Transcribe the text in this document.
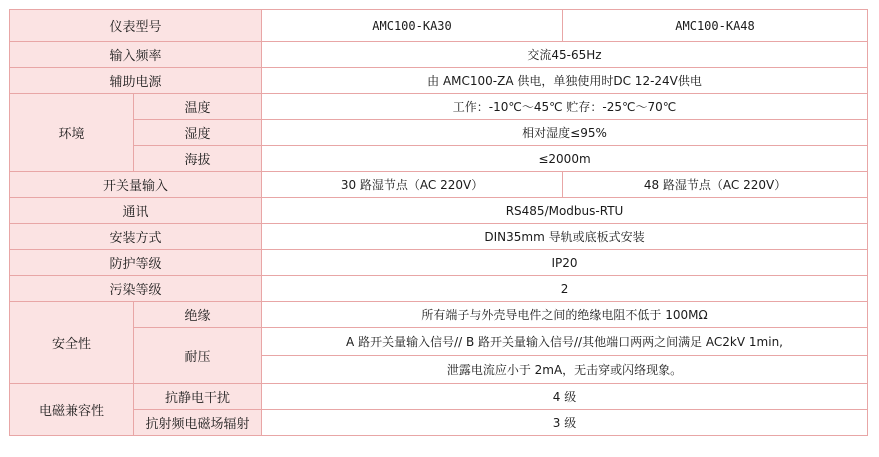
仪表型号		AMC100-KA30	AMC100-KA48
输入频率		交流45-65Hz	
辅助电源		由 AMC100-ZA 供电，单独使用时DC 12-24V供电	
环境	温度	工作：-10℃～45℃ 贮存：-25℃～70℃	
	湿度	相对湿度≤95%	
	海拔	≤2000m	
开关量输入		30 路湿节点（AC 220V）	48 路湿节点（AC 220V）
通讯		RS485/Modbus-RTU	
安装方式		DIN35mm 导轨或底板式安装	
防护等级		IP20	
污染等级		2	
安全性	绝缘	所有端子与外壳导电件之间的绝缘电阻不低于 100MΩ	
	耐压	A 路开关量输入信号// B 路开关量输入信号//其他端口两两之间满足 AC2kV 1min,	
		泄露电流应小于 2mA，无击穿或闪络现象。	
电磁兼容性	抗静电干扰	4 级	
	抗射频电磁场辐射	3 级	
